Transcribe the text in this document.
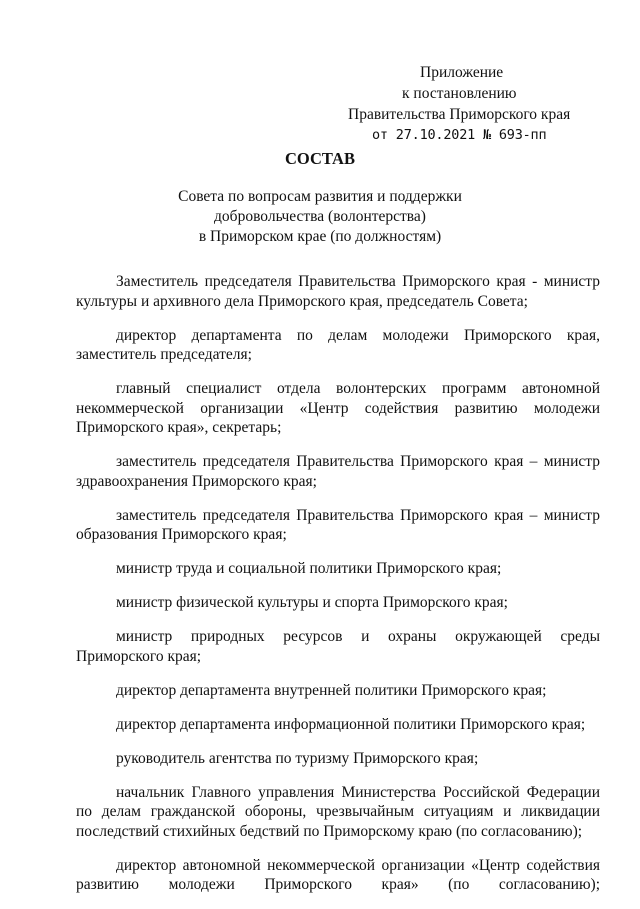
Приложение
к постановлению
Правительства Приморского края
от 27.10.2021 № 693-пп
СОСТАВ
Совета по вопросам развития и поддержки
добровольчества (волонтерства)
в Приморском крае (по должностям)

Заместитель председателя Правительства Приморского края - министр культуры и архивного дела Приморского края, председатель Совета;

директор департамента по делам молодежи Приморского края, заместитель председателя;

главный специалист отдела волонтерских программ автономной некоммерческой организации «Центр содействия развитию молодежи Приморского края», секретарь;

заместитель председателя Правительства Приморского края – министр здравоохранения Приморского края;

заместитель председателя Правительства Приморского края – министр образования Приморского края;

министр труда и социальной политики Приморского края;

министр физической культуры и спорта Приморского края;

министр природных ресурсов и охраны окружающей среды Приморского края;

директор департамента внутренней политики Приморского края;

директор департамента информационной политики Приморского края;

руководитель агентства по туризму Приморского края;

начальник Главного управления Министерства Российской Федерации по делам гражданской обороны, чрезвычайным ситуациям и ликвидации последствий стихийных бедствий по Приморскому краю (по согласованию);

директор автономной некоммерческой организации «Центр содействия развитию молодежи Приморского края» (по согласованию);
